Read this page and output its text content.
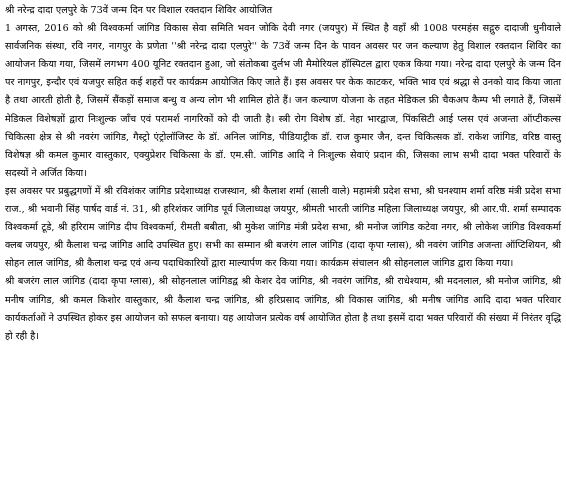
श्री नरेन्द्र दादा एलपुरे के 73वें जन्म दिन पर विशाल रक्तदान शिविर आयोजित

1 अगस्त, 2016 को श्री विश्वकर्मा जांगिड विकास सेवा समिति भवन जोकि देवी नगर (जयपुर) में स्थित है वहाँ श्री 1008 परमहंस सद्गुरु दादाजी धुनीवाले सार्वजनिक संस्था, रवि नगर, नागपुर के प्रणेता ''श्री नरेन्द्र दादा एलपुरे'' के 73वें जन्म दिन के पावन अवसर पर जन कल्याण हेतु विशाल रक्तदान शिविर का आयोजन किया गया, जिसमें लगभग 400 यूनिट रक्तदान हुआ, जो संतोकबा दुर्लभ जी मैमोरियल हॉस्पिटल द्वारा एकत्र किया गया। नरेन्द्र दादा एलपुरे के जन्म दिन पर नागपुर, इन्दौर एवं यजपुर सहित कई शहरों पर कार्यक्रम आयोजित किए जाते हैं। इस अवसर पर केक काटकर, भक्ति भाव एवं श्रद्धा से उनको याद किया जाता है तथा आरती होती है, जिसमें सैंकड़ों समाज बन्धु व अन्य लोग भी शामिल होते हैं। जन कल्याण योजना के तहत मेडिकल फ्री चैकअप कैम्प भी लगाते हैं, जिसमें मेडिकल विशेषज्ञों द्वारा निःशुल्क जाँच एवं परामर्श नागरिकों को दी जाती है। स्त्री रोग विशेष डॉ. नेहा भारद्वाज, पिंकसिटी आई प्लस एवं अजन्ता ऑप्टीकल्स चिकित्सा क्षेत्र से श्री नवरंग जांगिड, गैस्ट्रो एंट्रोलॉजिस्ट के डॉ. अनिल जांगिड, पीडियाट्रीक डॉ. राज कुमार जैन, दन्त चिकित्सक डॉ. राकेश जांगिड, वरिष्ठ वास्तु विशेषज्ञ श्री कमल कुमार वास्तुकार, एक्युप्रेशर चिकित्सा के डॉ. एम.सी. जांगिड आदि ने निःशुल्क सेवाएं प्रदान की, जिसका लाभ सभी दादा भक्त परिवारों के सदस्यों ने अर्जित किया।

इस अवसर पर प्रबुद्धगणों में श्री रविशंकर जांगिड प्रदेशाध्यक्ष राजस्थान, श्री कैलाश शर्मा (साली वाले) महामंत्री प्रदेश सभा, श्री घनश्याम शर्मा वरिष्ठ मंत्री प्रदेश सभा राज., श्री भवानी सिंह पार्षद वार्ड नं. 31, श्री हरिशंकर जांगिड पूर्व जिलाध्यक्ष जयपुर, श्रीमती भारती जांगिड महिला जिलाध्यक्ष जयपुर, श्री आर.पी. शर्मा सम्पादक विश्वकर्मा टूडे, श्री हरिराम जांगिड दीप विश्वकर्मा, रीमती बबीता, श्री मुकेश जांगिड मंत्री प्रदेश सभा, श्री मनोज जांगिड कटेवा नगर, श्री लोकेश जांगिड विश्वकर्मा क्लब जयपुर, श्री कैलाश चन्द्र जांगिड आदि उपस्थित हुए। सभी का सम्मान श्री बजरंग लाल जांगिड (दादा कृपा ग्लास), श्री नवरंग जांगिड अजन्ता ऑप्टिशियन, श्री सोहन लाल जांगिड, श्री कैलाश चन्द्र एवं अन्य पदाधिकारियों द्वारा माल्यार्पण कर किया गया। कार्यक्रम संचालन श्री सोहनलाल जांगिड द्वारा किया गया।

श्री बजरंग लाल जांगिड (दादा कृपा ग्लास), श्री सोहनलाल जांगिडद्व श्री केशर देव जांगिड, श्री नवरंग जांगिड, श्री राधेश्याम, श्री मदनलाल, श्री मनोज जांगिड, श्री मनीष जांगिड, श्री कमल किशोर वास्तुकार, श्री कैलाश चन्द्र जांगिड, श्री हरिप्रसाद जांगिड, श्री विकास जांगिड, श्री मनीष जांगिड आदि दादा भक्त परिवार कार्यकर्ताओं ने उपस्थित होकर इस आयोजन को सफल बनाया। यह आयोजन प्रत्येक वर्ष आयोजित होता है तथा इसमें दादा भक्त परिवारों की संख्या में निरंतर वृद्धि हो रही है।
